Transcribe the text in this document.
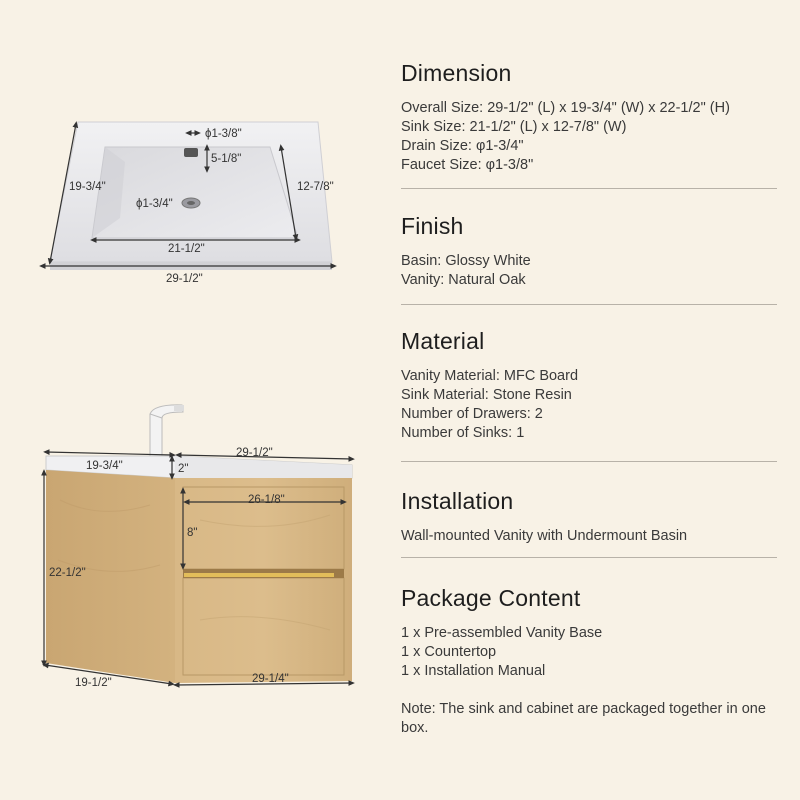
ϕ1-3/8"
5-1/8"
ϕ1-3/4"
19-3/4"	12-7/8"
21-1/2"
29-1/2"
29-1/2"
19-3/4"	2"
26-1/8"
8"
22-1/2"
19-1/2"	29-1/4"
Dimension
Overall Size: 29-1/2" (L) x 19-3/4" (W) x 22-1/2" (H)
Sink Size: 21-1/2" (L) x 12-7/8" (W)
Drain Size: φ1-3/4"
Faucet Size: φ1-3/8"
Finish
Basin: Glossy White
Vanity: Natural Oak
Material
Vanity Material: MFC Board
Sink Material: Stone Resin
Number of Drawers: 2
Number of Sinks: 1
Installation
Wall-mounted Vanity with Undermount Basin
Package Content
1 x Pre-assembled Vanity Base
1 x Countertop
1 x Installation Manual
Note: The sink and cabinet are packaged together in one box.
